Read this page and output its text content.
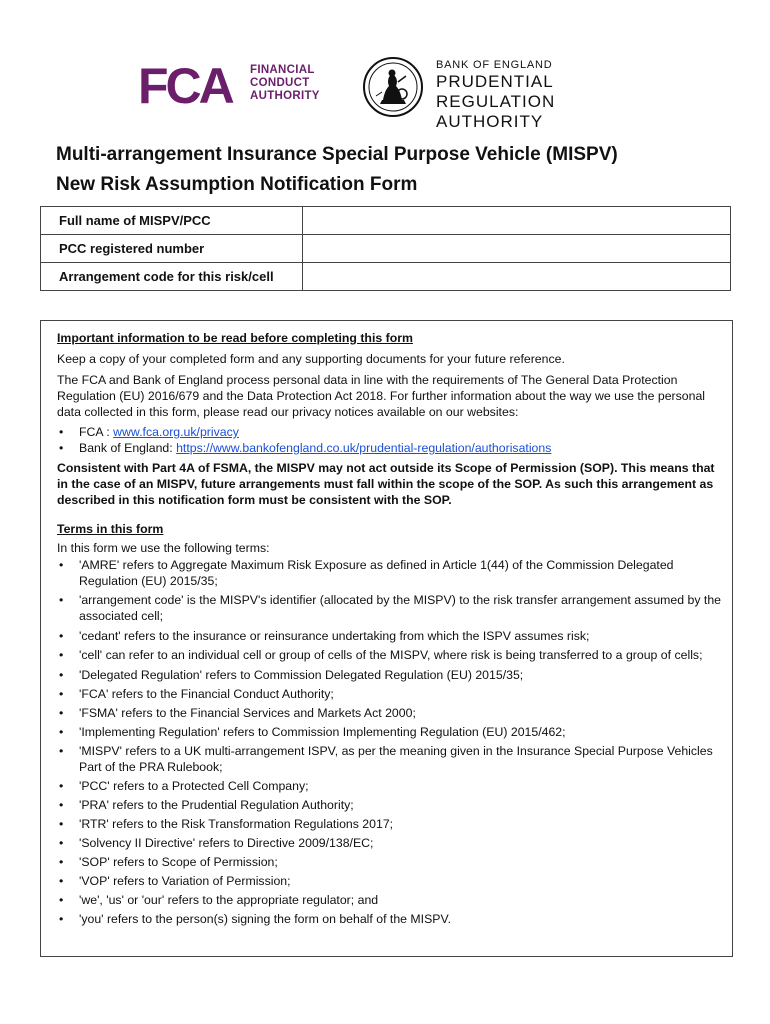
FCA FINANCIAL
CONDUCT
AUTHORITY
BANK OF ENGLAND
PRUDENTIAL REGULATION
AUTHORITY
Multi-arrangement Insurance Special Purpose Vehicle (MISPV)
New Risk Assumption Notification Form
Full name of MISPV/PCC	
PCC registered number	
Arrangement code for this risk/cell	

Important information to be read before completing this form

Keep a copy of your completed form and any supporting documents for your future reference.

The FCA and Bank of England process personal data in line with the requirements of The General Data Protection Regulation (EU) 2016/679 and the Data Protection Act 2018. For further information about the way we use the personal data collected in this form, please read our privacy notices available on our websites:

• FCA : www.fca.org.uk/privacy
• Bank of England: https://www.bankofengland.co.uk/prudential-regulation/authorisations

Consistent with Part 4A of FSMA, the MISPV may not act outside its Scope of Permission (SOP). This means that in the case of an MISPV, future arrangements must fall within the scope of the SOP. As such this arrangement as described in this notification form must be consistent with the SOP.

Terms in this form

In this form we use the following terms:

• 'AMRE' refers to Aggregate Maximum Risk Exposure as defined in Article 1(44) of the Commission Delegated Regulation (EU) 2015/35;
• 'arrangement code' is the MISPV's identifier (allocated by the MISPV) to the risk transfer arrangement assumed by the associated cell;
• 'cedant' refers to the insurance or reinsurance undertaking from which the ISPV assumes risk;
• 'cell' can refer to an individual cell or group of cells of the MISPV, where risk is being transferred to a group of cells;
• 'Delegated Regulation' refers to Commission Delegated Regulation (EU) 2015/35;
• 'FCA' refers to the Financial Conduct Authority;
• 'FSMA' refers to the Financial Services and Markets Act 2000;
• 'Implementing Regulation' refers to Commission Implementing Regulation (EU) 2015/462;
• 'MISPV' refers to a UK multi-arrangement ISPV, as per the meaning given in the Insurance Special Purpose Vehicles Part of the PRA Rulebook;
• 'PCC' refers to a Protected Cell Company;
• 'PRA' refers to the Prudential Regulation Authority;
• 'RTR' refers to the Risk Transformation Regulations 2017;
• 'Solvency II Directive' refers to Directive 2009/138/EC;
• 'SOP' refers to Scope of Permission;
• 'VOP' refers to Variation of Permission;
• 'we', 'us' or 'our' refers to the appropriate regulator; and
• 'you' refers to the person(s) signing the form on behalf of the MISPV.
